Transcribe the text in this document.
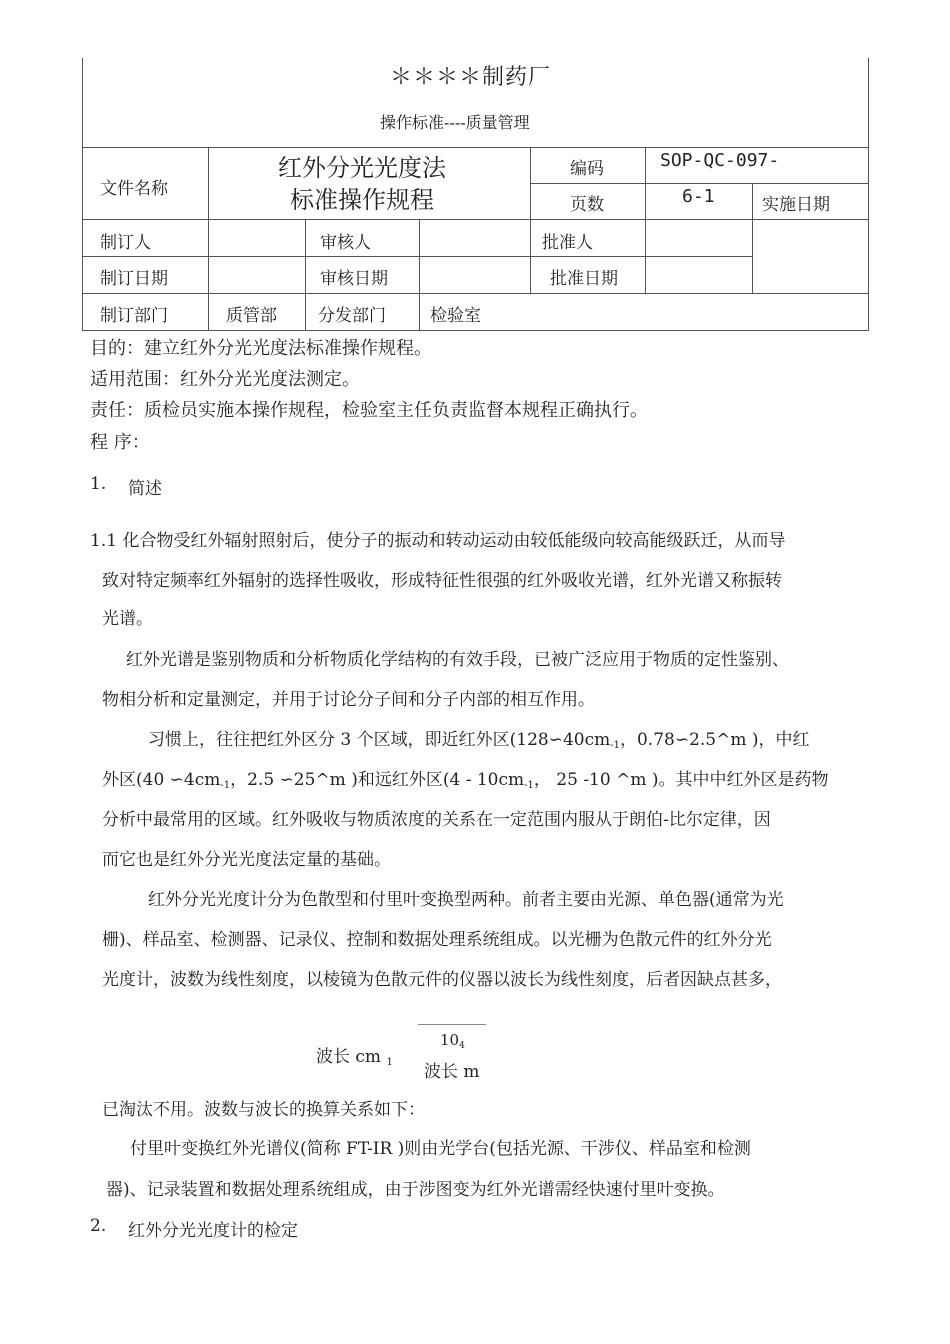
＊＊＊＊制药厂
操作标准----质量管理
文件名称
红外分光光度法
标准操作规程
编码	SOP-QC-097-
页数	6-1	实施日期
制订人	审核人	批准人
制订日期	审核日期	批准日期
制订部门	质管部 分发部门	检验室
目的：建立红外分光光度法标准操作规程。
适用范围：红外分光光度法测定。
责任：质检员实施本操作规程，检验室主任负责监督本规程正确执行。
程 序：
1. 简述
1.1 化合物受红外辐射照射后，使分子的振动和转动运动由较低能级向较高能级跃迁，从而导
致对特定频率红外辐射的选择性吸收，形成特征性很强的红外吸收光谱，红外光谱又称振转
光谱。
红外光谱是鉴别物质和分析物质化学结构的有效手段，已被广泛应用于物质的定性鉴别、
物相分析和定量测定，并用于讨论分子间和分子内部的相互作用。
习惯上，往往把红外区分 3 个区域，即近红外区($128∽40cm_{-1}$，0.78∽2.5^m )，中红
外区(40 $∽4cm_{-1}$，2.5 ∽25^m )和远红外区($4 - 10cm_{-1}$， 25 -10 ^m )。其中中红外区是药物
分析中最常用的区域。红外吸收与物质浓度的关系在一定范围内服从于朗伯-比尔定律，因
而它也是红外分光光度法定量的基础。
红外分光光度计分为色散型和付里叶变换型两种。前者主要由光源、单色器(通常为光
栅)、样品室、检测器、记录仪、控制和数据处理系统组成。以光栅为色散元件的红外分光
光度计，波数为线性刻度，以棱镜为色散元件的仪器以波长为线性刻度，后者因缺点甚多，
波长 cm $_1$
$10_4$
波长 m
已淘汰不用。波数与波长的换算关系如下：
付里叶变换红外光谱仪(简称 FT-IR )则由光学台(包括光源、干涉仪、样品室和检测
器)、记录装置和数据处理系统组成，由于涉图变为红外光谱需经快速付里叶变换。
2. 红外分光光度计的检定
